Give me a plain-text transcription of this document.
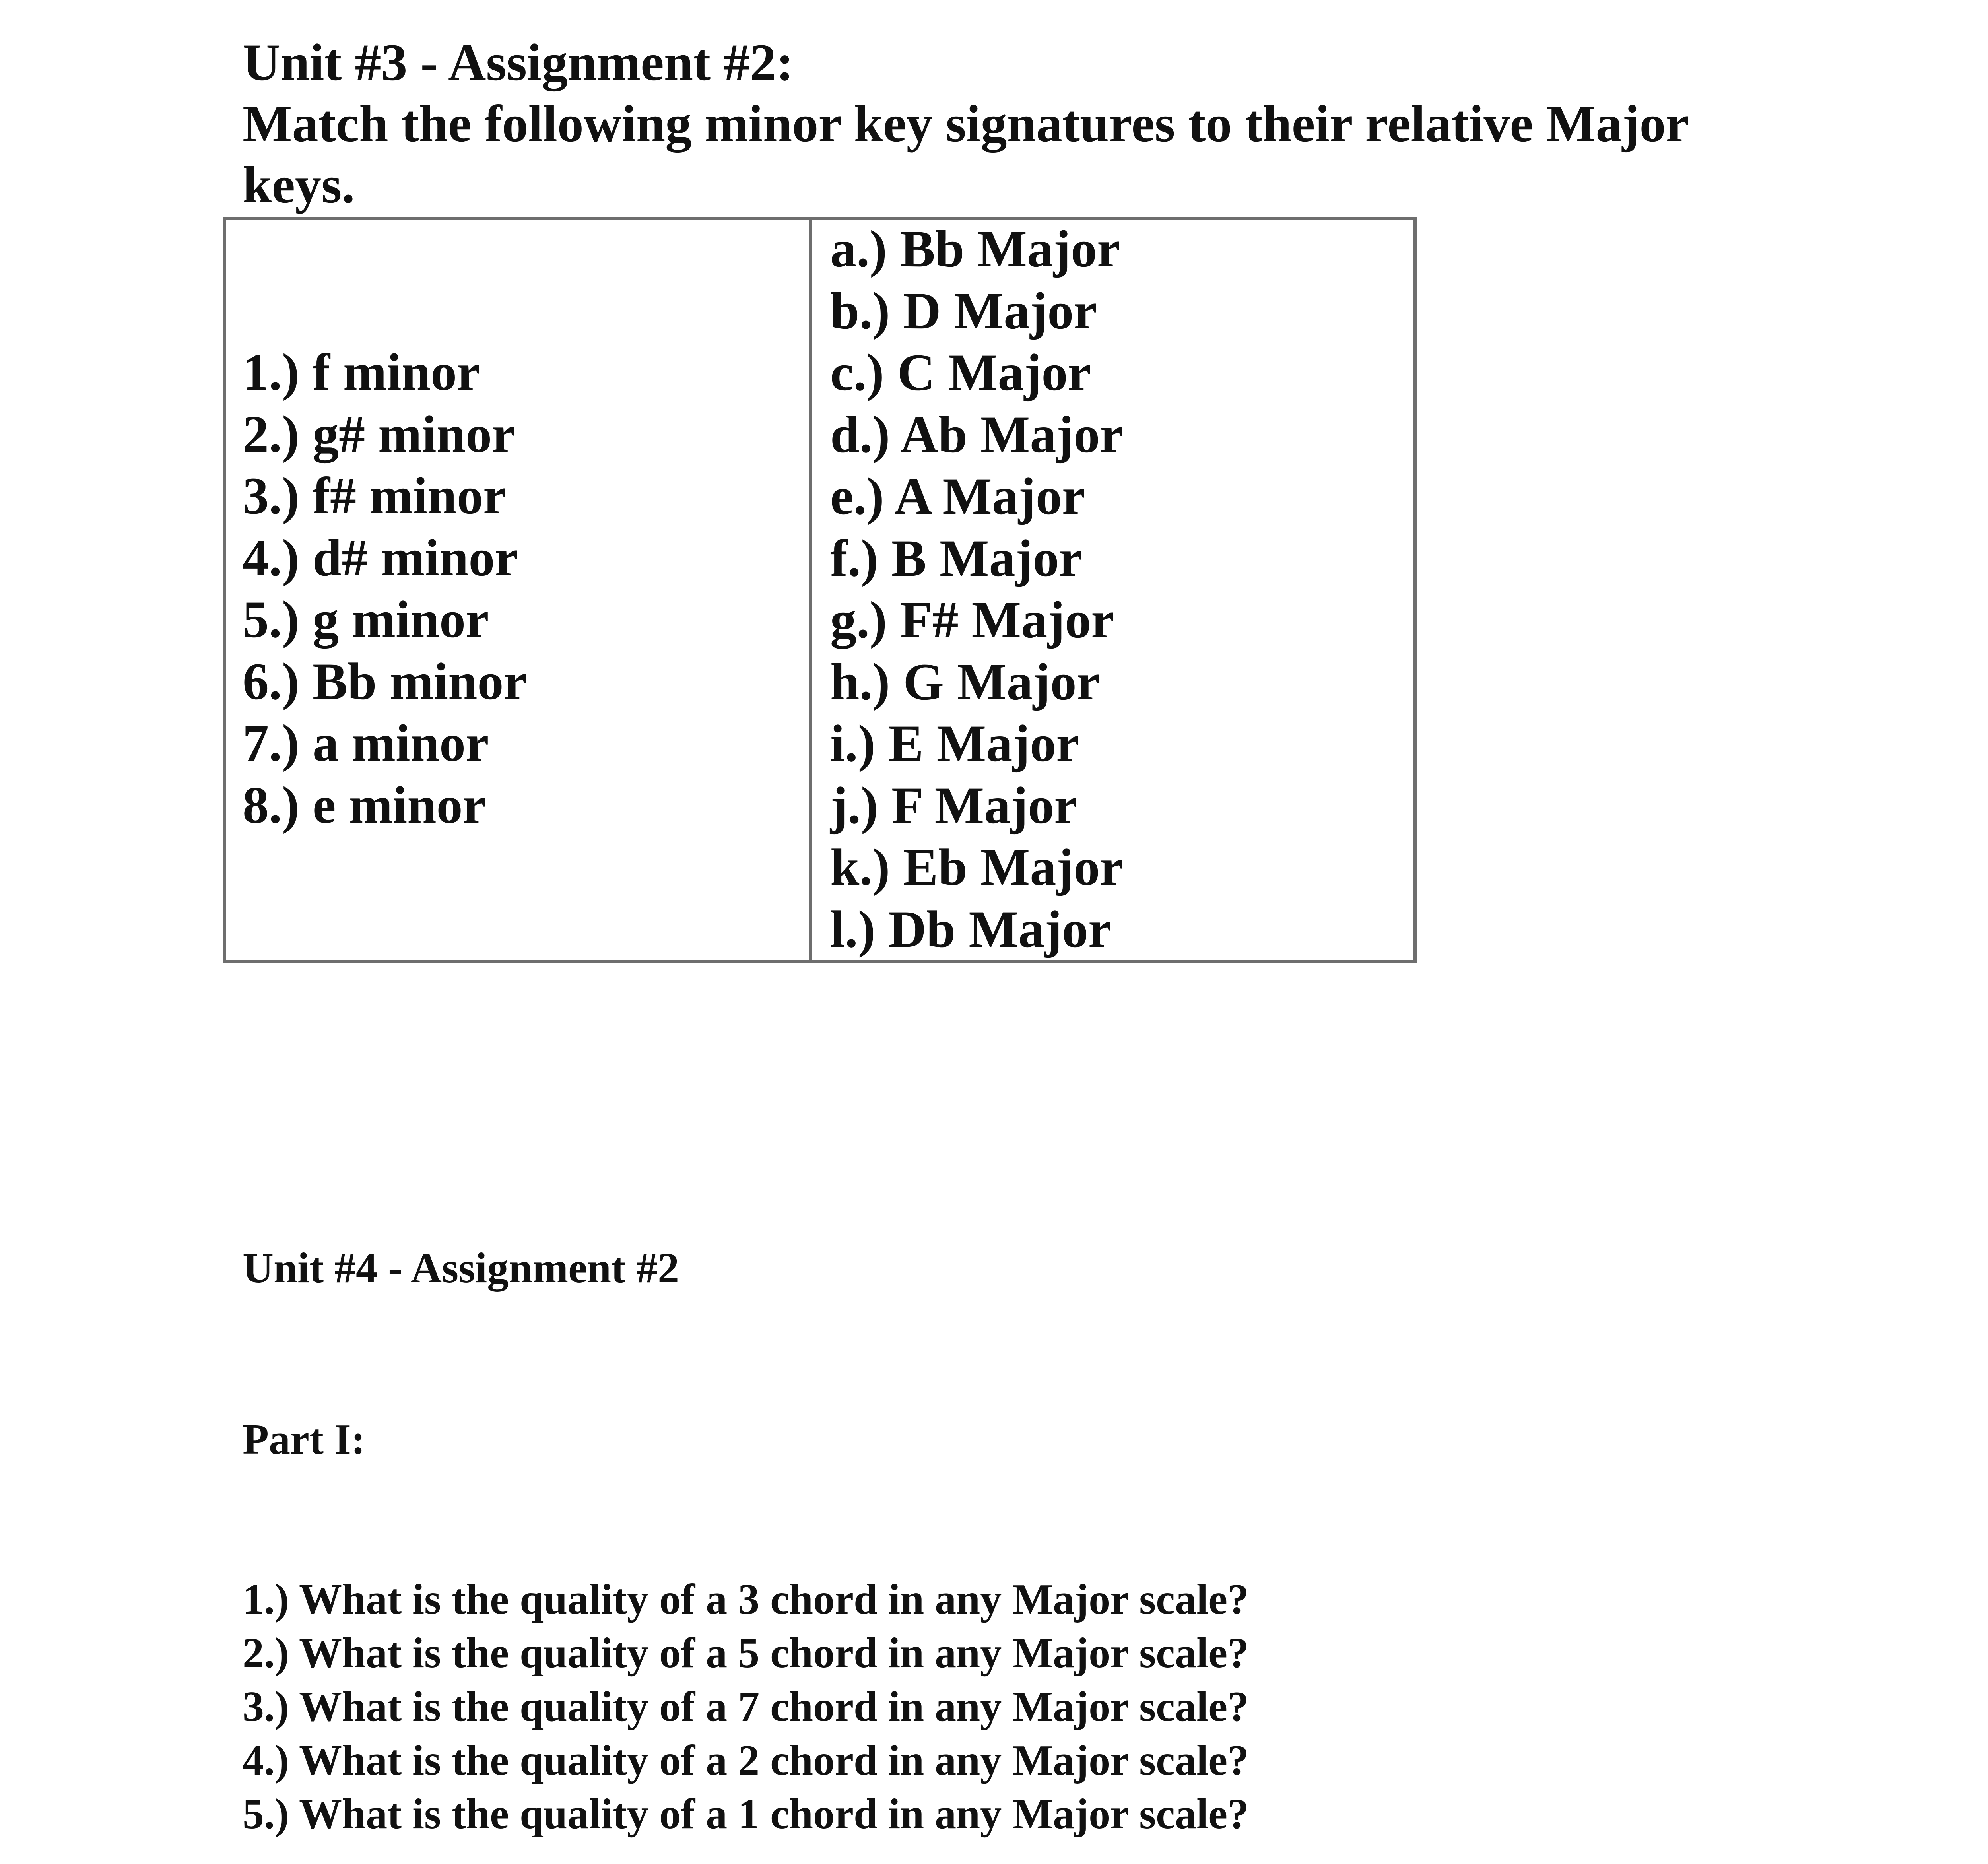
Unit #3 - Assignment #2:
Match the following minor key signatures to their relative Major
keys.
1.) f minor
2.) g# minor
3.) f# minor
4.) d# minor
5.) g minor
6.) Bb minor
7.) a minor
8.) e minor
a.) Bb Major
b.) D Major
c.) C Major
d.) Ab Major
e.) A Major
f.) B Major
g.) F# Major
h.) G Major
i.) E Major
j.) F Major
k.) Eb Major
l.) Db Major
Unit #4 - Assignment #2
Part I:
1.) What is the quality of a 3 chord in any Major scale?
2.) What is the quality of a 5 chord in any Major scale?
3.) What is the quality of a 7 chord in any Major scale?
4.) What is the quality of a 2 chord in any Major scale?
5.) What is the quality of a 1 chord in any Major scale?
